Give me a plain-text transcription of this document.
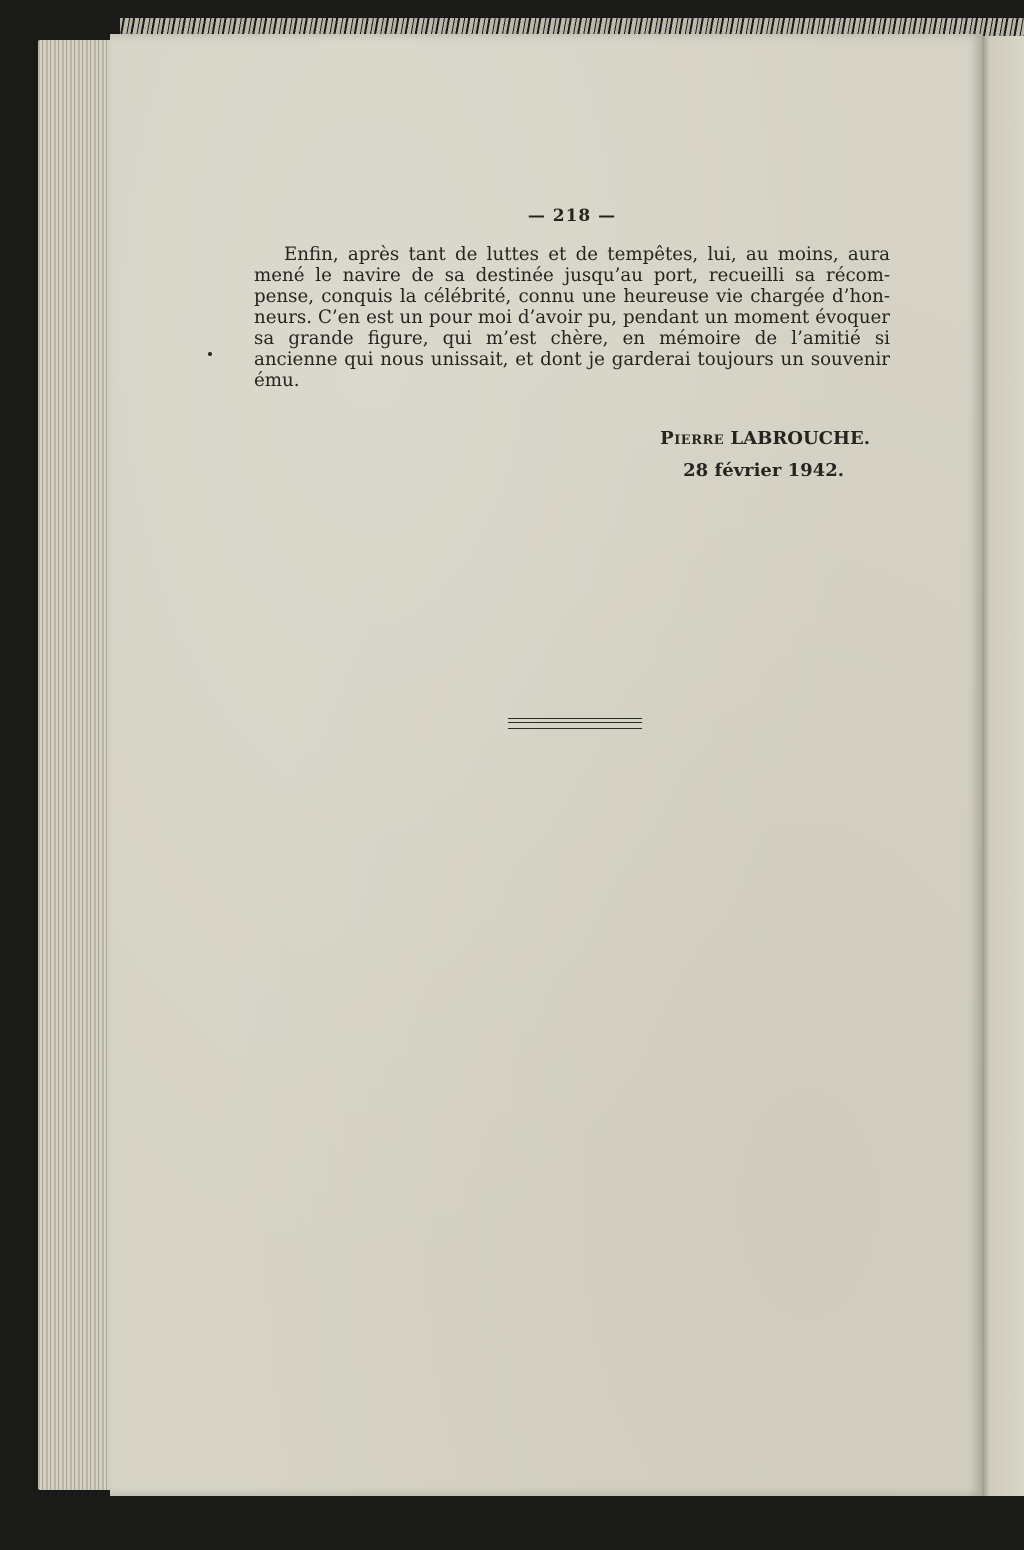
— 218 —

Enfin, après tant de luttes et de tempêtes, lui, au moins, aura mené le navire de sa destinée jusqu’au port, recueilli sa récompense, conquis la célébrité, connu une heureuse vie chargée d’honneurs. C’en est un pour moi d’avoir pu, pendant un moment évoquer sa grande figure, qui m’est chère, en mémoire de l’amitié si ancienne qui nous unissait, et dont je garderai toujours un souvenir ému.

Pierre LABROUCHE.
28 février 1942.
